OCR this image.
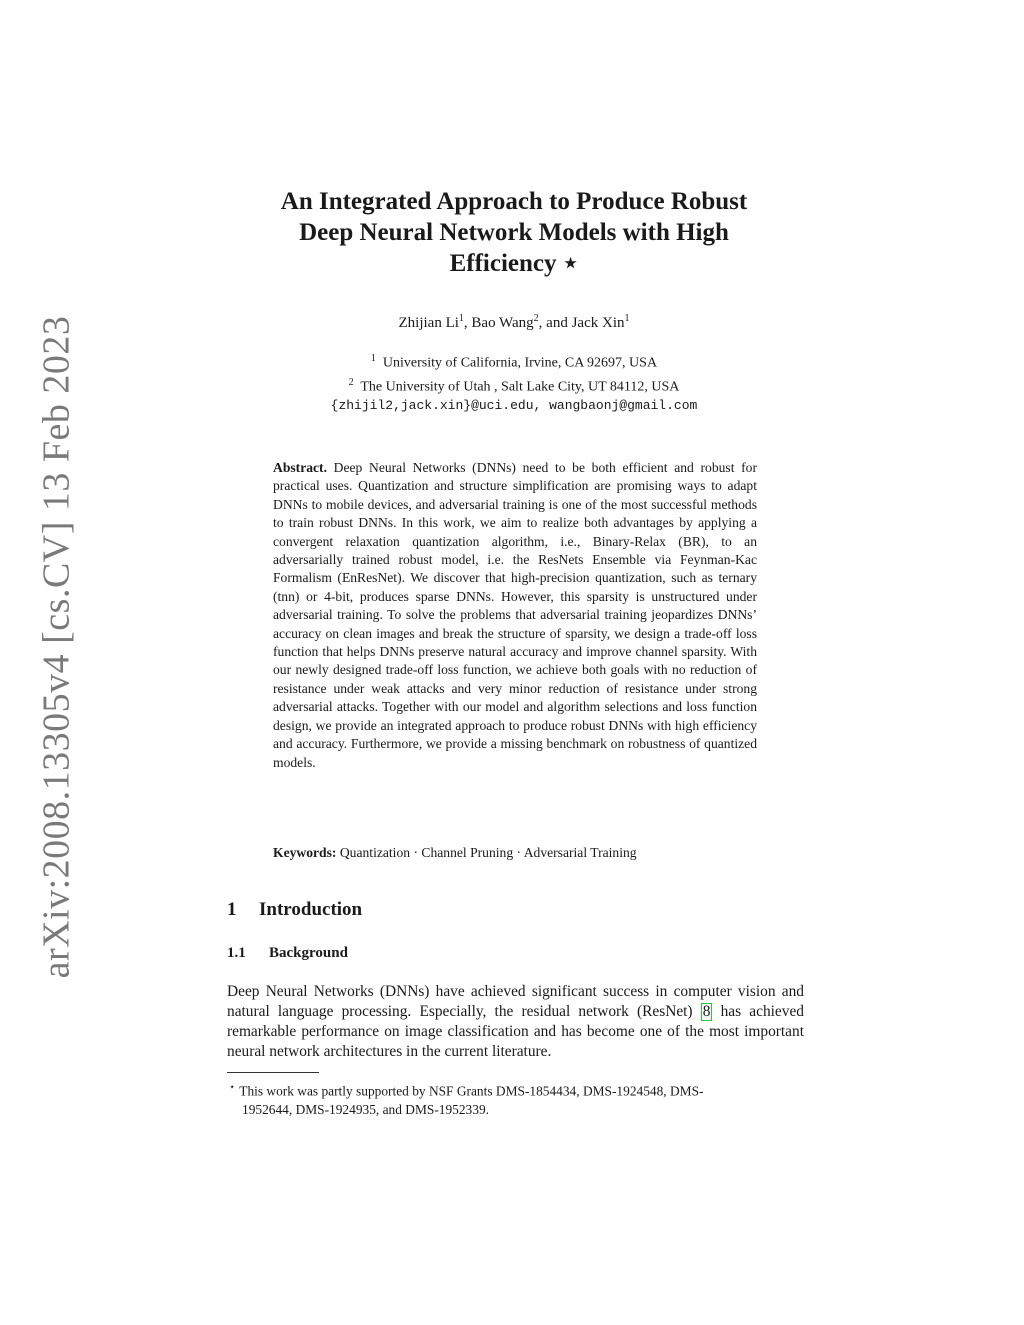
arXiv:2008.13305v4 [cs.CV] 13 Feb 2023
An Integrated Approach to Produce Robust
Deep Neural Network Models with High
Efficiency ⋆
Zhijian Li$^1$, Bao Wang$^2$, and Jack Xin$^1$
$^1$ University of California, Irvine, CA 92697, USA
$^2$ The University of Utah , Salt Lake City, UT 84112, USA
{zhijil2,jack.xin}@uci.edu, wangbaonj@gmail.com
Abstract. Deep Neural Networks (DNNs) need to be both efficient and robust for practical uses. Quantization and structure simplification are promising ways to adapt DNNs to mobile devices, and adversarial training is one of the most successful methods to train robust DNNs. In this work, we aim to realize both advantages by applying a convergent relaxation quantization algorithm, i.e., Binary-Relax (BR), to an adversarially trained robust model, i.e. the ResNets Ensemble via Feynman-Kac Formalism (EnResNet). We discover that high-precision quantization, such as ternary (tnn) or 4-bit, produces sparse DNNs. However, this sparsity is unstructured under adversarial training. To solve the problems that adversarial training jeopardizes DNNs’ accuracy on clean images and break the structure of sparsity, we design a trade-off loss function that helps DNNs preserve natural accuracy and improve channel sparsity. With our newly designed trade-off loss function, we achieve both goals with no reduction of resistance under weak attacks and very minor reduction of resistance under strong adversarial attacks. Together with our model and algorithm selections and loss function design, we provide an integrated approach to produce robust DNNs with high efficiency and accuracy. Furthermore, we provide a missing benchmark on robustness of quantized models.
Keywords: Quantization · Channel Pruning · Adversarial Training
1 Introduction
1.1 Background

Deep Neural Networks (DNNs) have achieved significant success in computer vision and natural language processing. Especially, the residual network (ResNet) 8 has achieved remarkable performance on image classification and has become one of the most important neural network architectures in the current literature.

⋆ This work was partly supported by NSF Grants DMS-1854434, DMS-1924548, DMS-
1952644, DMS-1924935, and DMS-1952339.
